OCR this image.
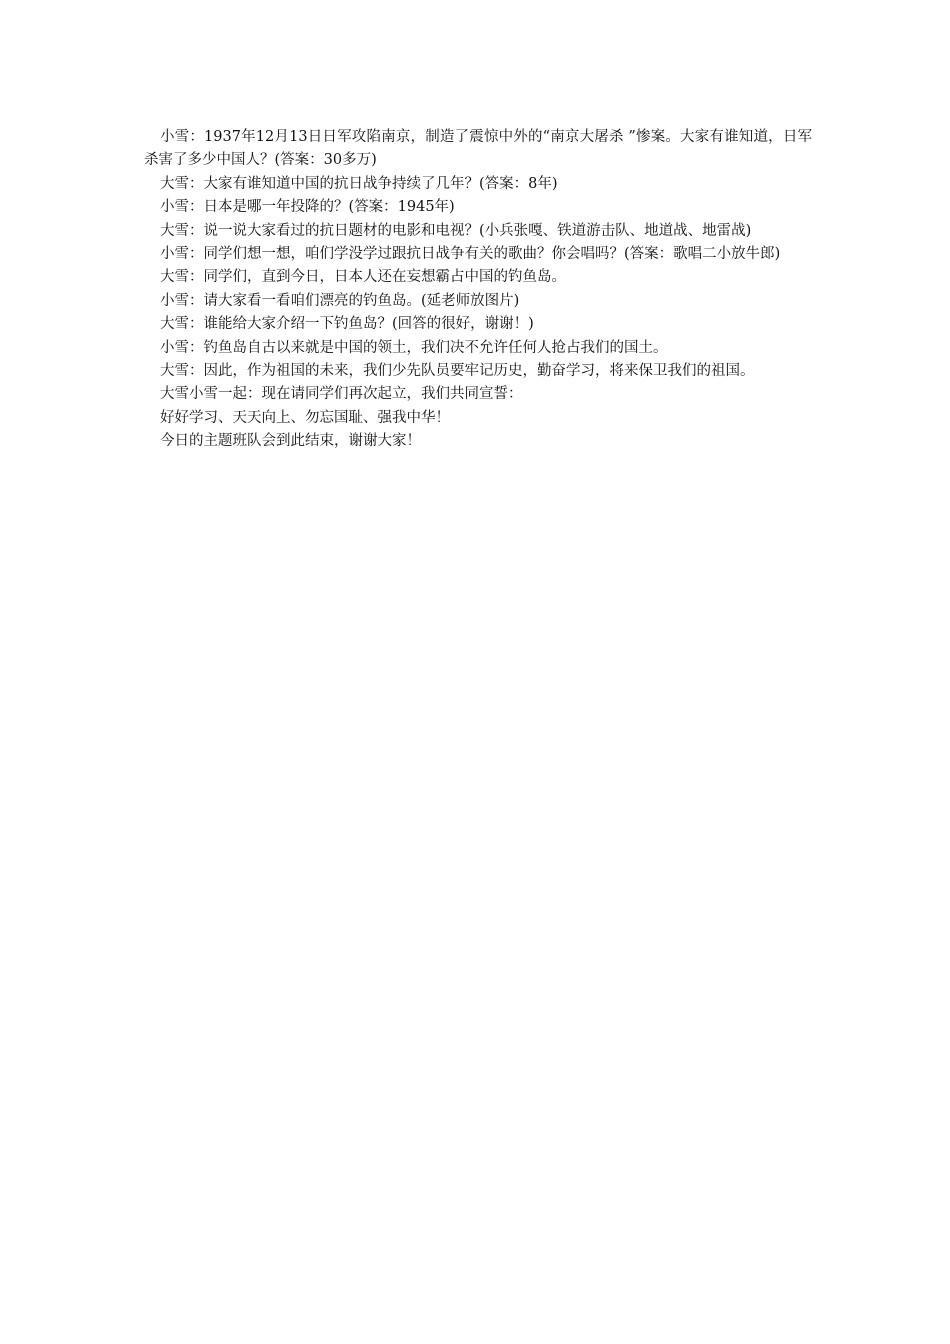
小雪：1937年12月13日日军攻陷南京，制造了震惊中外的“南京大屠杀 ”惨案。大家有谁知道，日军杀害了多少中国人？(答案：30多万)

大雪：大家有谁知道中国的抗日战争持续了几年？(答案：8年)

小雪：日本是哪一年投降的？(答案：1945年)

大雪：说一说大家看过的抗日题材的电影和电视？(小兵张嘎、铁道游击队、地道战、地雷战)

小雪：同学们想一想，咱们学没学过跟抗日战争有关的歌曲？你会唱吗？(答案：歌唱二小放牛郎)

大雪：同学们，直到今日，日本人还在妄想霸占中国的钓鱼岛。

小雪：请大家看一看咱们漂亮的钓鱼岛。(延老师放图片)

大雪：谁能给大家介绍一下钓鱼岛？(回答的很好，谢谢！)

小雪：钓鱼岛自古以来就是中国的领土，我们决不允许任何人抢占我们的国土。

大雪：因此，作为祖国的未来，我们少先队员要牢记历史，勤奋学习，将来保卫我们的祖国。

大雪小雪一起：现在请同学们再次起立，我们共同宣誓：

好好学习、天天向上、勿忘国耻、强我中华！

今日的主题班队会到此结束，谢谢大家！
